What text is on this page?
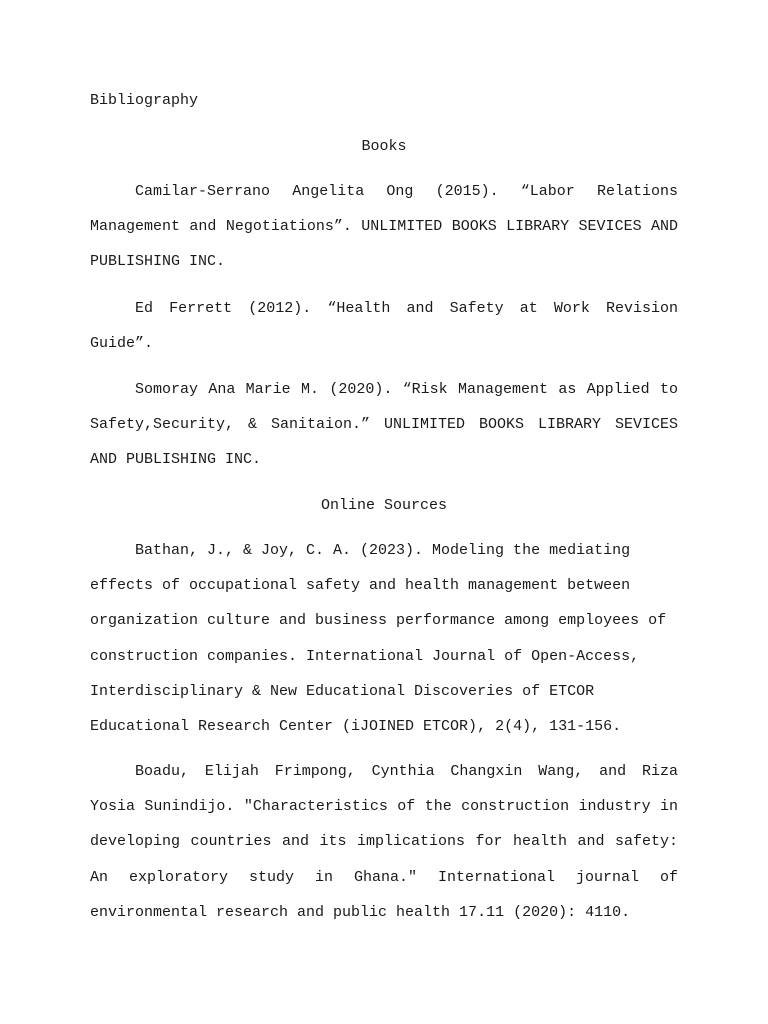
Bibliography
Books

Camilar-Serrano Angelita Ong (2015). “Labor Relations Management and Negotiations”. UNLIMITED BOOKS LIBRARY SEVICES AND PUBLISHING INC.

Ed Ferrett (2012). “Health and Safety at Work Revision Guide”.

Somoray Ana Marie M. (2020). “Risk Management as Applied to Safety,Security, & Sanitaion.” UNLIMITED BOOKS LIBRARY SEVICES AND PUBLISHING INC.

Online Sources

Bathan, J., & Joy, C. A. (2023). Modeling the mediating effects of occupational safety and health management between organization culture and business performance among employees of construction companies. International Journal of Open-Access, Interdisciplinary & New Educational Discoveries of ETCOR Educational Research Center (iJOINED ETCOR), 2(4), 131-156.

Boadu, Elijah Frimpong, Cynthia Changxin Wang, and Riza Yosia Sunindijo. "Characteristics of the construction industry in developing countries and its implications for health and safety: An exploratory study in Ghana." International journal of environmental research and public health 17.11 (2020): 4110.
